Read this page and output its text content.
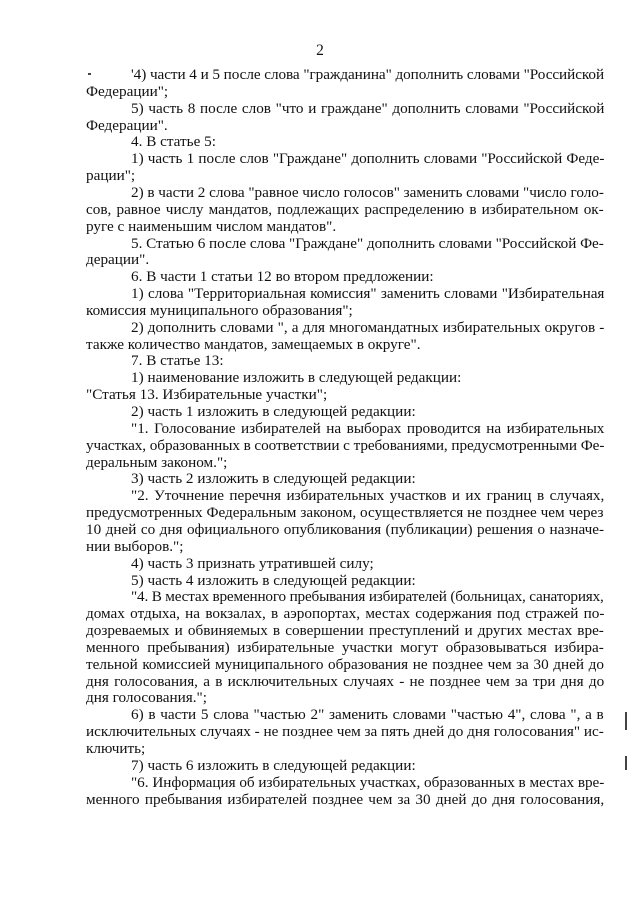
2
'4) части 4 и 5 после слова "гражданина" дополнить словами "Российской
Федерации";
5) часть 8 после слов "что и граждане" дополнить словами "Российской
Федерации".
4. В статье 5:
1) часть 1 после слов "Граждане" дополнить словами "Российской Феде-
рации";
2) в части 2 слова "равное число голосов" заменить словами "число голо-
сов, равное числу мандатов, подлежащих распределению в избирательном ок-
руге с наименьшим числом мандатов".
5. Статью 6 после слова "Граждане" дополнить словами "Российской Фе-
дерации".
6. В части 1 статьи 12 во втором предложении:
1) слова "Территориальная комиссия" заменить словами "Избирательная
комиссия муниципального образования";
2) дополнить словами ", а для многомандатных избирательных округов -
также количество мандатов, замещаемых в округе".
7. В статье 13:
1) наименование изложить в следующей редакции:
"Статья 13. Избирательные участки";
2) часть 1 изложить в следующей редакции:
"1. Голосование избирателей на выборах проводится на избирательных
участках, образованных в соответствии с требованиями, предусмотренными Фе-
деральным законом.";
3) часть 2 изложить в следующей редакции:
"2. Уточнение перечня избирательных участков и их границ в случаях,
предусмотренных Федеральным законом, осуществляется не позднее чем через
10 дней со дня официального опубликования (публикации) решения о назначе-
нии выборов.";
4) часть 3 признать утратившей силу;
5) часть 4 изложить в следующей редакции:
"4. В местах временного пребывания избирателей (больницах, санаториях,
домах отдыха, на вокзалах, в аэропортах, местах содержания под стражей по-
дозреваемых и обвиняемых в совершении преступлений и других местах вре-
менного пребывания) избирательные участки могут образовываться избира-
тельной комиссией муниципального образования не позднее чем за 30 дней до
дня голосования, а в исключительных случаях - не позднее чем за три дня до
дня голосования.";
6) в части 5 слова "частью 2" заменить словами "частью 4", слова ", а в
исключительных случаях - не позднее чем за пять дней до дня голосования" ис-
ключить;
7) часть 6 изложить в следующей редакции:
"6. Информация об избирательных участках, образованных в местах вре-
менного пребывания избирателей позднее чем за 30 дней до дня голосования,
